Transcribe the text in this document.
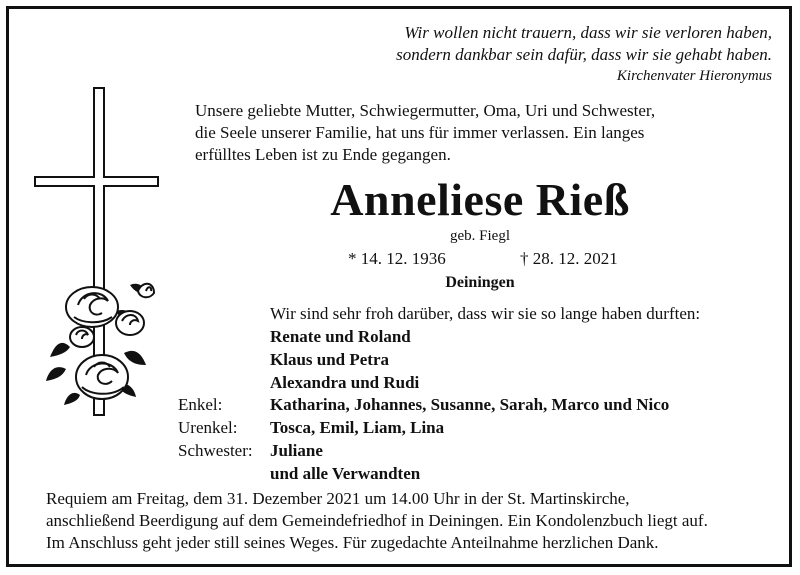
Wir wollen nicht trauern, dass wir sie verloren haben,
sondern dankbar sein dafür, dass wir sie gehabt haben.
Kirchenvater Hieronymus
Unsere geliebte Mutter, Schwiegermutter, Oma, Uri und Schwester,
die Seele unserer Familie, hat uns für immer verlassen. Ein langes
erfülltes Leben ist zu Ende gegangen.
Anneliese Rieß
geb. Fiegl
* 14. 12. 1936	† 28. 12. 2021
Deiningen
Wir sind sehr froh darüber, dass wir sie so lange haben durften:
Renate und Roland
Klaus und Petra
Alexandra und Rudi
Enkel:	Katharina, Johannes, Susanne, Sarah, Marco und Nico
Urenkel:	Tosca, Emil, Liam, Lina
Schwester:	Juliane
und alle Verwandten
Requiem am Freitag, dem 31. Dezember 2021 um 14.00 Uhr in der St. Martinskirche,
anschließend Beerdigung auf dem Gemeindefriedhof in Deiningen. Ein Kondolenzbuch liegt auf.
Im Anschluss geht jeder still seines Weges. Für zugedachte Anteilnahme herzlichen Dank.
